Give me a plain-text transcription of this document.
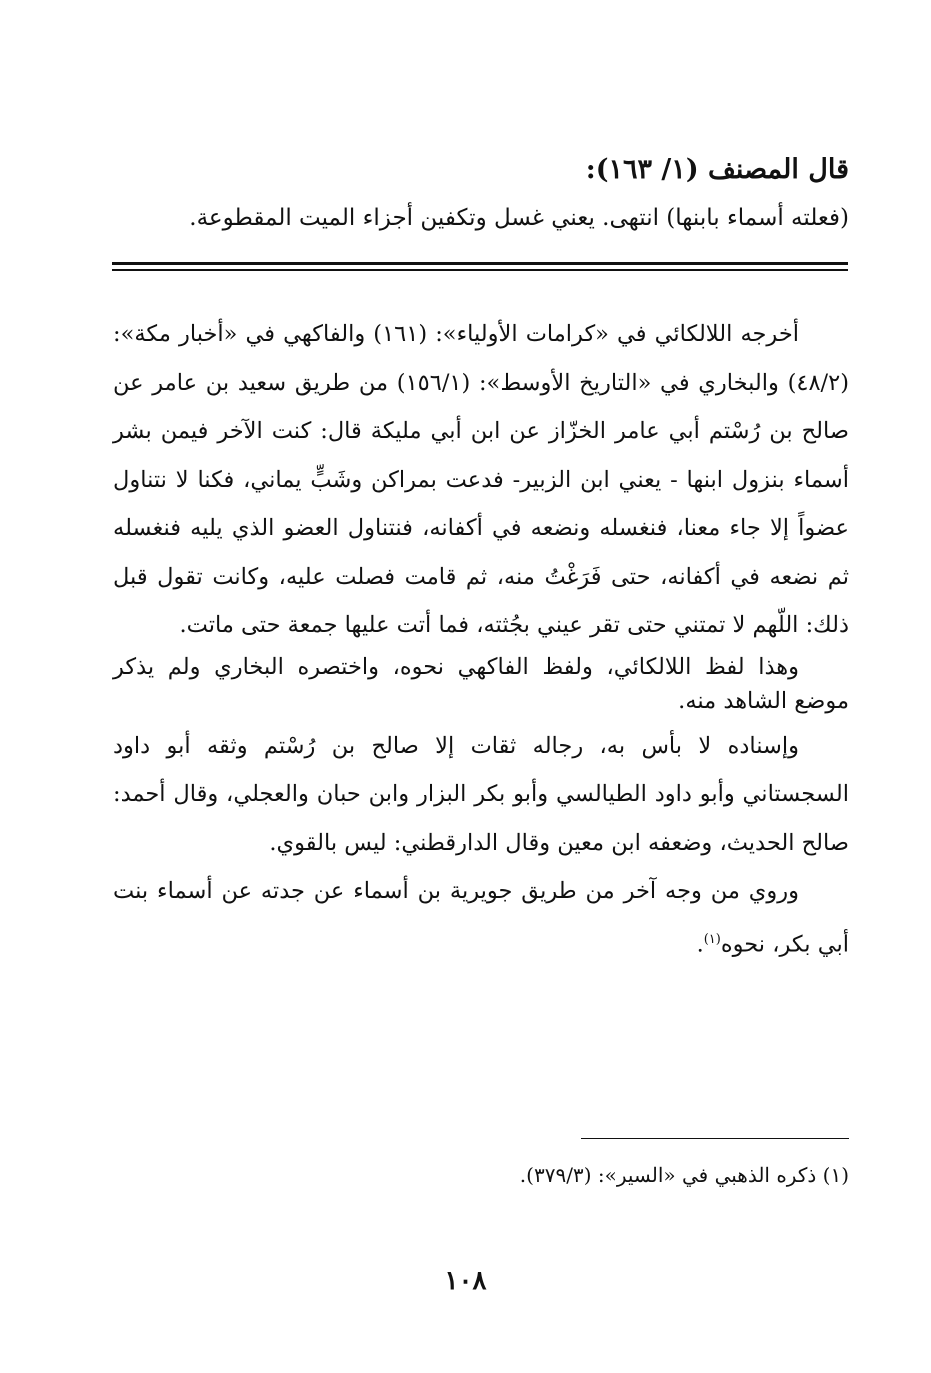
قال المصنف (١/ ١٦٣):
(فعلته أسماء بابنها) انتهى. يعني غسل وتكفين أجزاء الميت المقطوعة.

أخرجه اللالكائي في «كرامات الأولياء»: (١٦١) والفاكهي في «أخبار مكة»: (٤٨/٢) والبخاري في «التاريخ الأوسط»: (١٥٦/١) من طريق سعيد بن عامر عن صالح بن رُسْتم أبي عامر الخزّاز عن ابن أبي مليكة قال: كنت الآخر فيمن بشر أسماء بنزول ابنها - يعني ابن الزبير- فدعت بمراكن وشَبٍّ يماني، فكنا لا نتناول عضواً إلا جاء معنا، فنغسله ونضعه في أكفانه، فنتناول العضو الذي يليه فنغسله ثم نضعه في أكفانه، حتى فَرَغْتُ منه، ثم قامت فصلت عليه، وكانت تقول قبل ذلك: اللّهم لا تمتني حتى تقر عيني بجُثته، فما أتت عليها جمعة حتى ماتت.

وهذا لفظ اللالكائي، ولفظ الفاكهي نحوه، واختصره البخاري ولم يذكر موضع الشاهد منه.

وإسناده لا بأس به، رجاله ثقات إلا صالح بن رُسْتم وثقه أبو داود السجستاني وأبو داود الطيالسي وأبو بكر البزار وابن حبان والعجلي، وقال أحمد: صالح الحديث، وضعفه ابن معين وقال الدارقطني: ليس بالقوي.

وروي من وجه آخر من طريق جويرية بن أسماء عن جدته عن أسماء بنت أبي بكر، نحوه$^{(١)}$.

(١) ذكره الذهبي في «السير»: (٣٧٩/٣).
١٠٨
